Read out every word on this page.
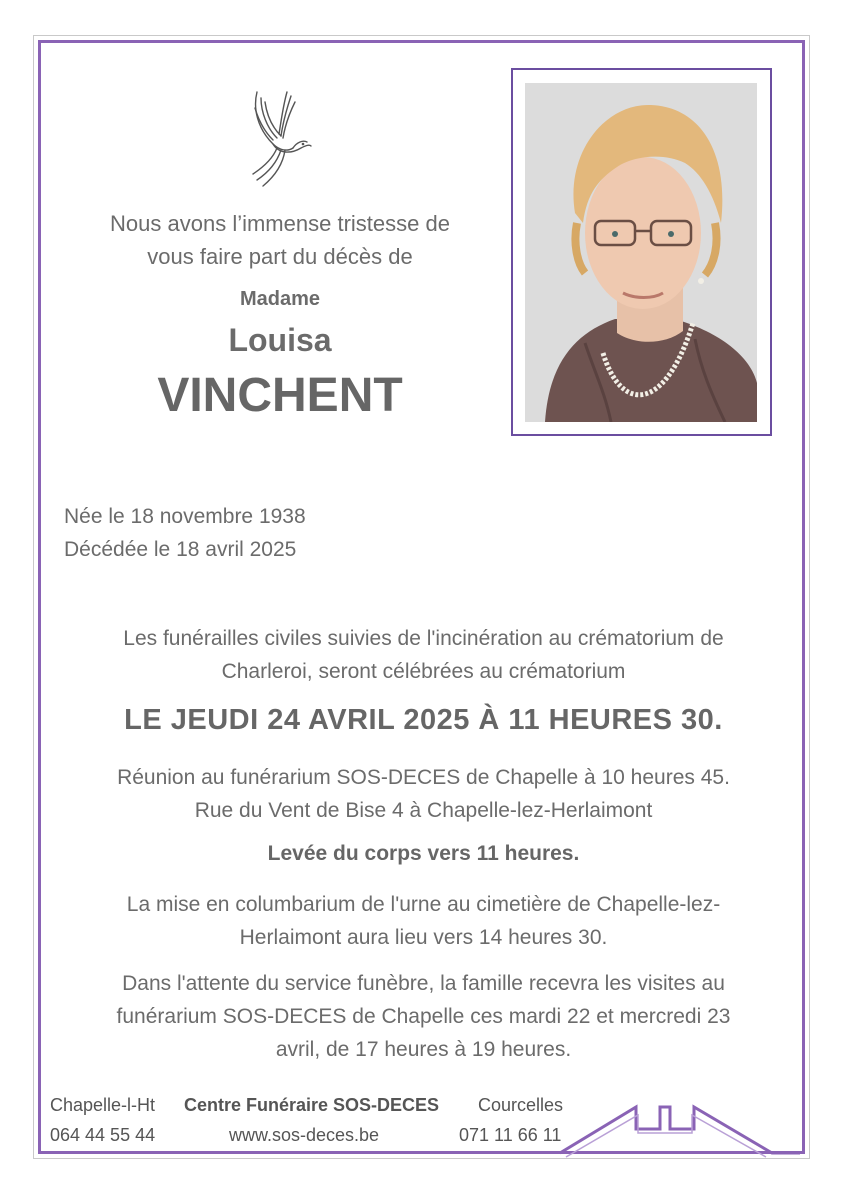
Nous avons l’immense tristesse de
vous faire part du décès de
Madame
Louisa
VINCHENT
Née le 18 novembre 1938
Décédée le 18 avril 2025
Les funérailles civiles suivies de l'incinération au crématorium de
Charleroi, seront célébrées au crématorium
LE JEUDI 24 AVRIL 2025 À 11 HEURES 30.
Réunion au funérarium SOS-DECES de Chapelle à 10 heures 45.
Rue du Vent de Bise 4 à Chapelle-lez-Herlaimont
Levée du corps vers 11 heures.
La mise en columbarium de l'urne au cimetière de Chapelle-lez-
Herlaimont aura lieu vers 14 heures 30.
Dans l'attente du service funèbre, la famille recevra les visites au
funérarium SOS-DECES de Chapelle ces mardi 22 et mercredi 23
avril, de 17 heures à 19 heures.
Chapelle-l-Ht
064 44 55 44
Centre Funéraire SOS-DECES
www.sos-deces.be
Courcelles
071 11 66 11
